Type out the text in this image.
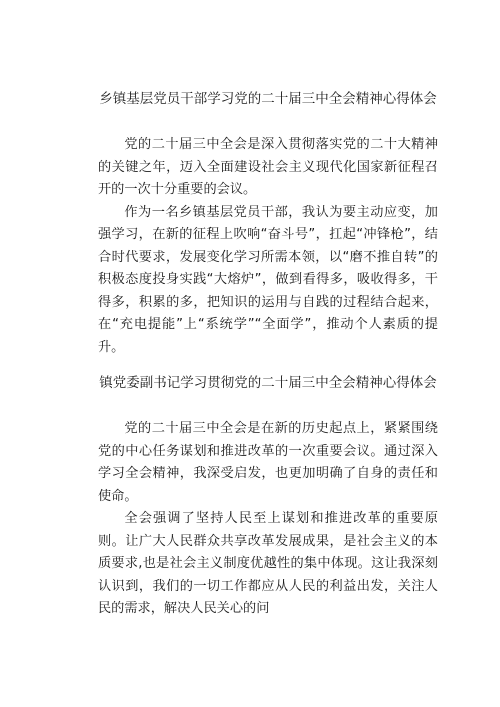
乡镇基层党员干部学习党的二十届三中全会精神心得体会

党的二十届三中全会是深入贯彻落实党的二十大精神的关键之年，迈入全面建设社会主义现代化国家新征程召开的一次十分重要的会议。

作为一名乡镇基层党员干部，我认为要主动应变，加强学习，在新的征程上吹响“奋斗号”，扛起“冲锋枪”，结合时代要求，发展变化学习所需本领，以“磨不推自转”的积极态度投身实践“大熔炉”，做到看得多，吸收得多，干得多，积累的多，把知识的运用与自践的过程结合起来，在“充电提能”上“系统学”“全面学”，推动个人素质的提升。

镇党委副书记学习贯彻党的二十届三中全会精神心得体会

党的二十届三中全会是在新的历史起点上，紧紧围绕党的中心任务谋划和推进改革的一次重要会议。通过深入学习全会精神，我深受启发，也更加明确了自身的责任和使命。

全会强调了坚持人民至上谋划和推进改革的重要原则。让广大人民群众共享改革发展成果，是社会主义的本质要求,也是社会主义制度优越性的集中体现。这让我深刻认识到，我们的一切工作都应从人民的利益出发，关注人民的需求，解决人民关心的问
